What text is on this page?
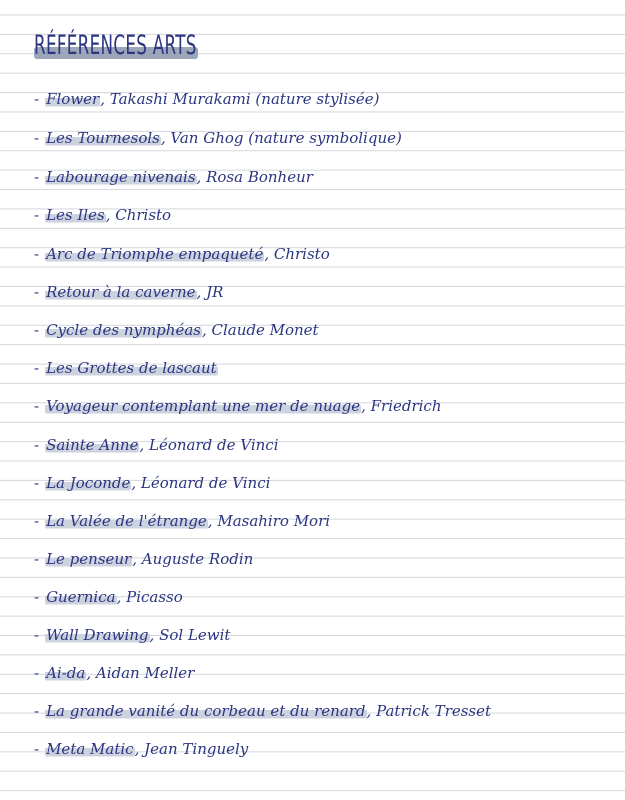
RÉFÉRENCES ARTS
- Flower, Takashi Murakami (nature stylisée)
- Les Tournesols, Van Ghog (nature symbolique)
- Labourage nivenais, Rosa Bonheur
- Les Iles, Christo
- Arc de Triomphe empaqueté, Christo
- Retour à la caverne, JR
- Cycle des nymphéas, Claude Monet
- Les Grottes de lascaut
- Voyageur contemplant une mer de nuage, Friedrich
- Sainte Anne, Léonard de Vinci
- La Joconde, Léonard de Vinci
- La Valée de l'étrange, Masahiro Mori
- Le penseur, Auguste Rodin
- Guernica, Picasso
- Wall Drawing, Sol Lewit
- Ai-da, Aidan Meller
- La grande vanité du corbeau et du renard, Patrick Tresset
- Meta Matic, Jean Tinguely
